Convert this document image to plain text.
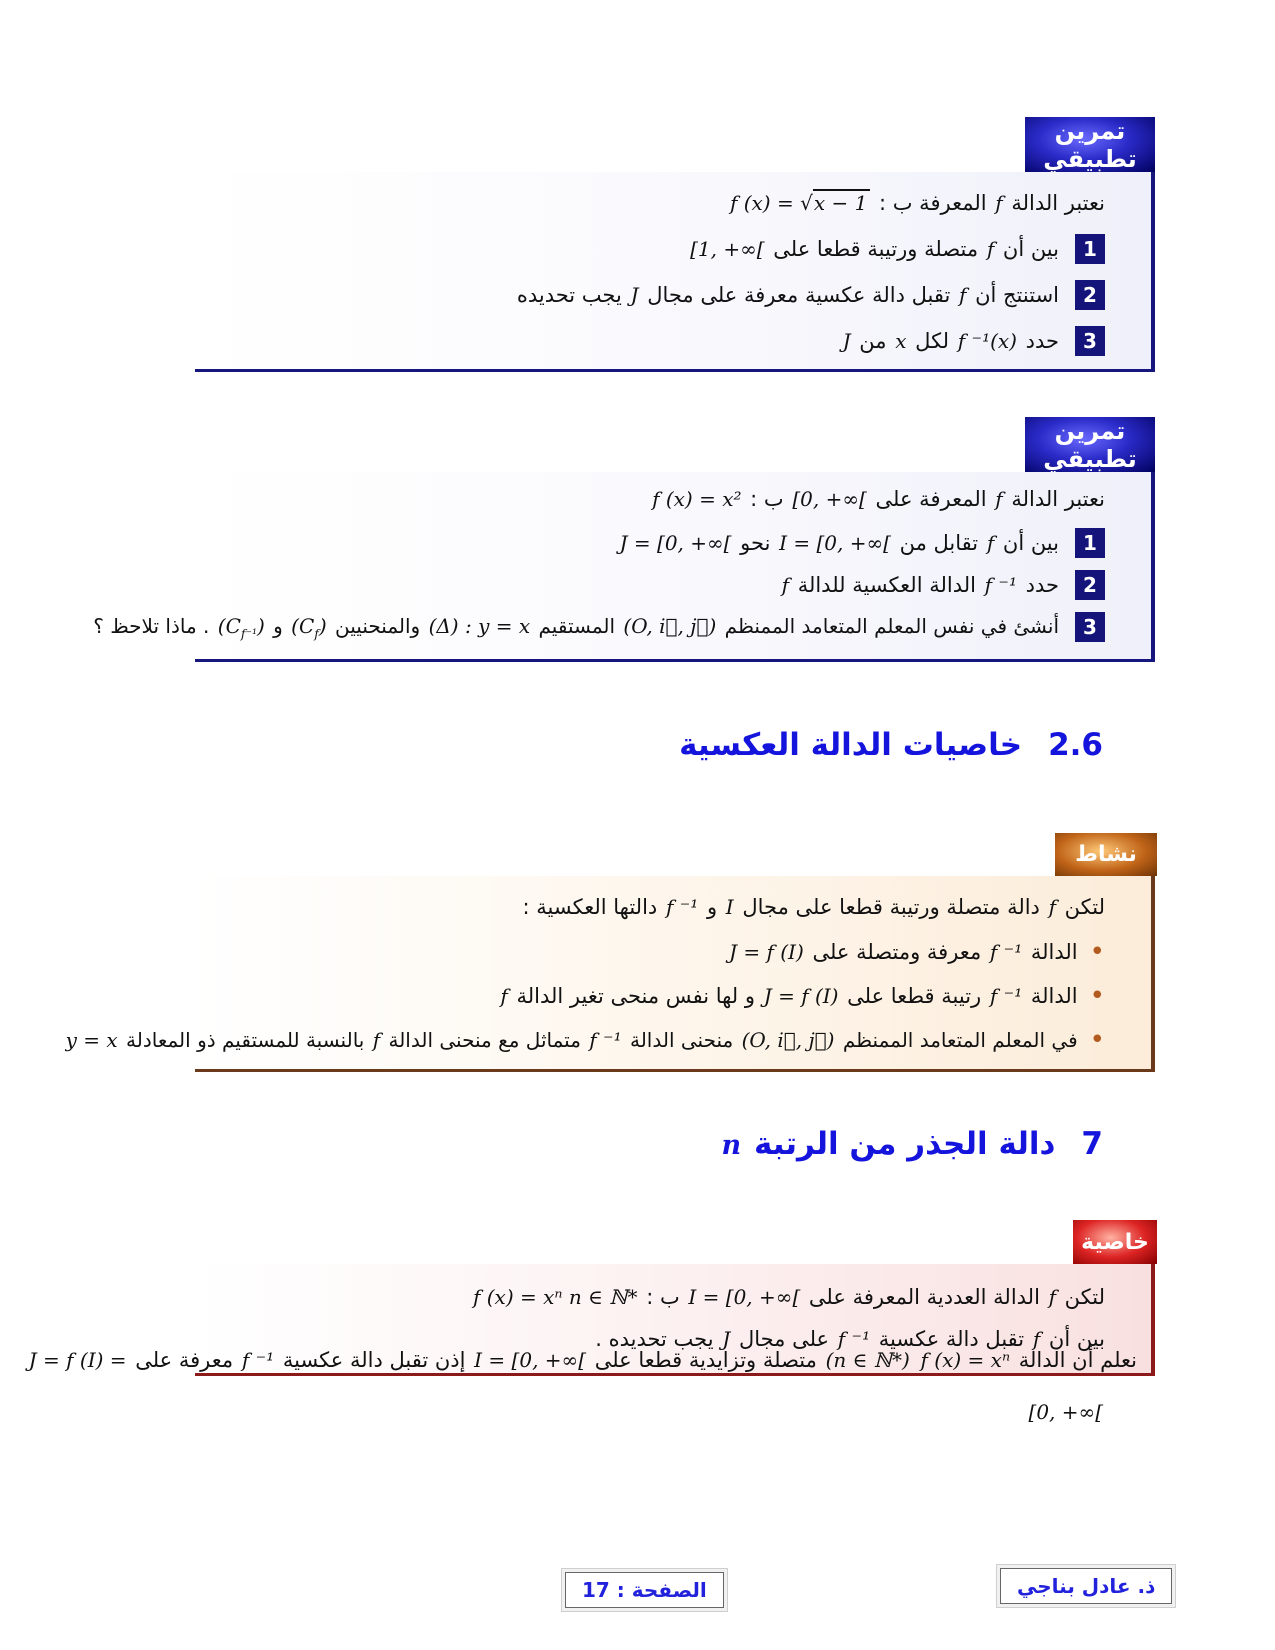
تمرين تطبيقي
نعتبر الدالة f المعرفة ب : f (x) = √x − 1
1
بين أن f متصلة ورتيبة قطعا على [1, +∞[
2
استنتج أن f تقبل دالة عكسية معرفة على مجال J يجب تحديده
3
حدد f ⁻¹(x) لكل x من J
تمرين تطبيقي
نعتبر الدالة f المعرفة على [0, +∞[ ب : f (x) = x²
1
بين أن f تقابل من I = [0, +∞[ نحو J = [0, +∞[
2
حدد f ⁻¹ الدالة العكسية للدالة f
3
أنشئ في نفس المعلم المتعامد الممنظم (O, i⃗, j⃗) المستقيم (Δ) : y = x والمنحنيين $(C_f)$ و $(C_{f^{-1}})$ . ماذا تلاحظ ؟
2.6
خاصيات الدالة العكسية
نشاط
لتكن f دالة متصلة ورتيبة قطعا على مجال I و f ⁻¹ دالتها العكسية :
•
الدالة f ⁻¹ معرفة ومتصلة على J = f (I)
•
الدالة f ⁻¹ رتيبة قطعا على J = f (I) و لها نفس منحى تغير الدالة f
•
في المعلم المتعامد الممنظم (O, i⃗, j⃗) منحنى الدالة f ⁻¹ متماثل مع منحنى الدالة f بالنسبة للمستقيم ذو المعادلة y = x
7
دالة الجذر من الرتبة n
خاصية
لتكن f الدالة العددية المعرفة على I = [0, +∞[ ب : f (x) = xⁿ n ∈ ℕ*
بين أن f تقبل دالة عكسية f ⁻¹ على مجال J يجب تحديده .
نعلم أن الدالة f (x) = xⁿ (n ∈ ℕ*) متصلة وتزايدية قطعا على I = [0, +∞[ إذن تقبل دالة عكسية f ⁻¹ معرفة على J = f (I) =
[0, +∞[
الصفحة : 17	ذ. عادل بناجي
